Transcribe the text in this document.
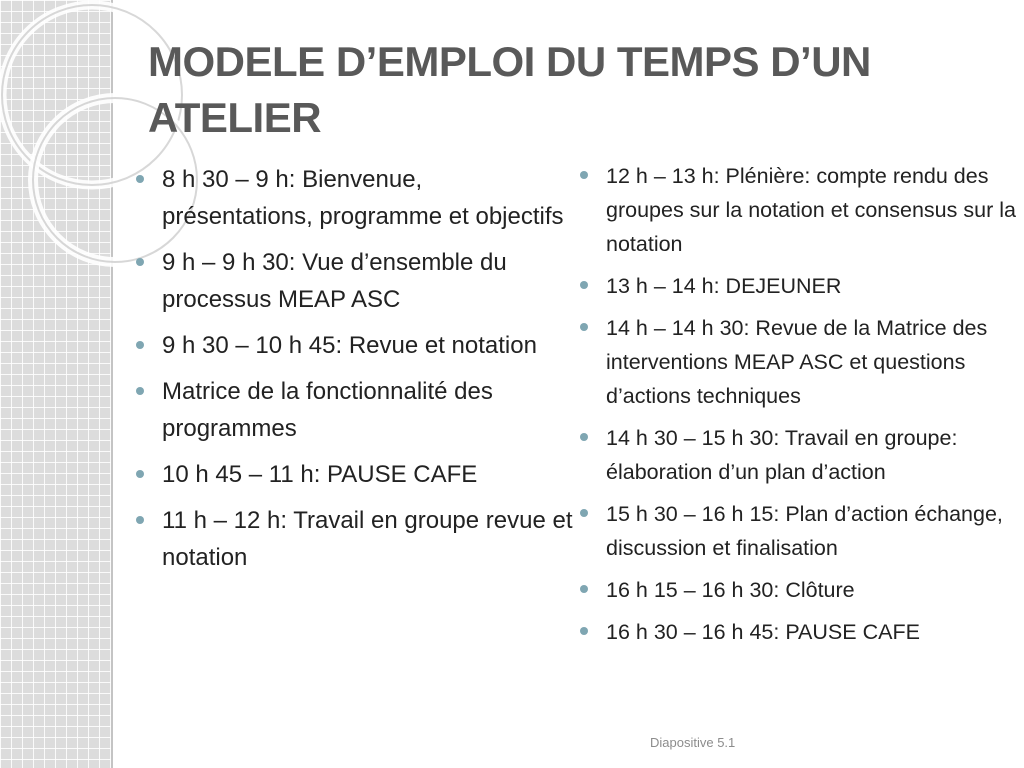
MODELE D’EMPLOI DU TEMPS D’UN ATELIER
8 h 30 – 9 h: Bienvenue, présentations, programme et objectifs
9 h – 9 h 30: Vue d’ensemble du processus MEAP ASC
9 h 30 – 10 h 45: Revue et notation
Matrice de la fonctionnalité des programmes
10 h 45 – 11 h: PAUSE CAFE
11 h – 12 h: Travail en groupe revue et notation
12 h – 13 h: Plénière: compte rendu des groupes sur la notation et consensus sur la notation
13 h – 14 h: DEJEUNER
14 h – 14 h 30: Revue de la Matrice des interventions MEAP ASC et questions d’actions techniques
14 h 30 – 15 h 30: Travail en groupe: élaboration d’un plan d’action
15 h 30 – 16 h 15: Plan d’action échange, discussion et finalisation
16 h 15 – 16 h 30: Clôture
16 h 30 – 16 h 45: PAUSE CAFE
Diapositive 5.1
